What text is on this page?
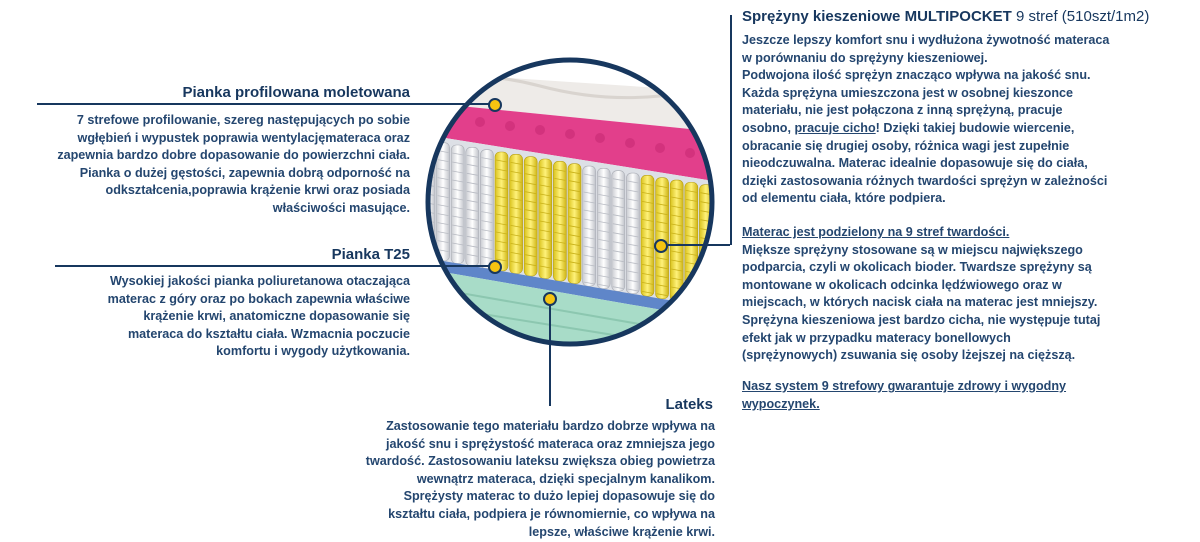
Pianka profilowana moletowana
7 strefowe profilowanie, szereg następujących po sobie
wgłębień i wypustek poprawia wentylacjęmateraca oraz
zapewnia bardzo dobre dopasowanie do powierzchni ciała.
Pianka o dużej gęstości, zapewnia dobrą odporność na
odkształcenia,poprawia krążenie krwi oraz posiada
właściwości masujące.
Pianka T25
Wysokiej jakości pianka poliuretanowa otaczająca
materac z góry oraz po bokach zapewnia właściwe
krążenie krwi, anatomiczne dopasowanie się
materaca do kształtu ciała. Wzmacnia poczucie
komfortu i wygody użytkowania.
Lateks
Zastosowanie tego materiału bardzo dobrze wpływa na
jakość snu i sprężystość materaca oraz zmniejsza jego
twardość. Zastosowaniu lateksu zwiększa obieg powietrza
wewnątrz materaca, dzięki specjalnym kanalikom.
Sprężysty materac to dużo lepiej dopasowuje się do
kształtu ciała, podpiera je równomiernie, co wpływa na
lepsze, właściwe krążenie krwi.
Sprężyny kieszeniowe MULTIPOCKET 9 stref (510szt/1m2)
Jeszcze lepszy komfort snu i wydłużona żywotność materaca
w porównaniu do sprężyny kieszeniowej.
Podwojona ilość sprężyn znacząco wpływa na jakość snu.
Każda sprężyna umieszczona jest w osobnej kieszonce
materiału, nie jest połączona z inną sprężyną, pracuje
osobno, pracuje cicho! Dzięki takiej budowie wiercenie,
obracanie się drugiej osoby, różnica wagi jest zupełnie
nieodczuwalna. Materac idealnie dopasowuje się do ciała,
dzięki zastosowania różnych twardości sprężyn w zależności
od elementu ciała, które podpiera.
Materac jest podzielony na 9 stref twardości.
Miększe sprężyny stosowane są w miejscu największego
podparcia, czyli w okolicach bioder. Twardsze sprężyny są
montowane w okolicach odcinka lędźwiowego oraz w
miejscach, w których nacisk ciała na materac jest mniejszy.
Sprężyna kieszeniowa jest bardzo cicha, nie występuje tutaj
efekt jak w przypadku materacy bonellowych
(sprężynowych) zsuwania się osoby lżejszej na cięższą.
Nasz system 9 strefowy gwarantuje zdrowy i wygodny
wypoczynek.
